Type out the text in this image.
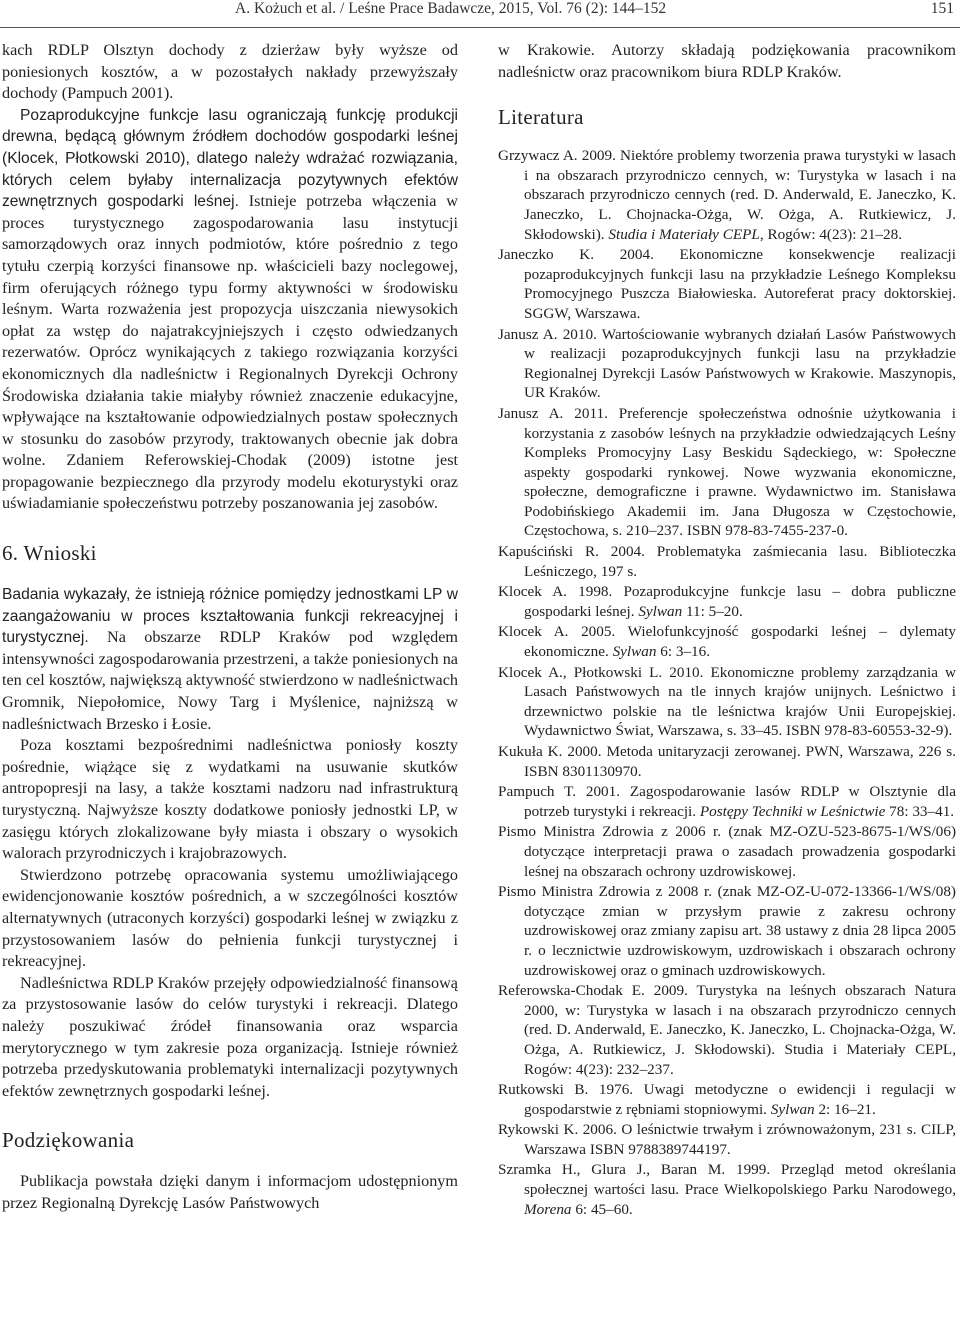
A. Kożuch et al. / Leśne Prace Badawcze, 2015, Vol. 76 (2): 144–152	151

kach RDLP Olsztyn dochody z dzierżaw były wyższe od poniesionych kosztów, a w pozostałych nakłady przewyższały dochody (Pampuch 2001).

Pozaprodukcyjne funkcje lasu ograniczają funkcję produkcji drewna, będącą głównym źródłem dochodów gospodarki leśnej (Klocek, Płotkowski 2010), dlatego należy wdrażać rozwiązania, których celem byłaby internalizacja pozytywnych efektów zewnętrznych gospodarki leśnej. Istnieje potrzeba włączenia w proces turystycznego zagospodarowania lasu instytucji samorządowych oraz innych podmiotów, które pośrednio z tego tytułu czerpią korzyści finansowe np. właścicieli bazy noclegowej, firm oferujących różnego typu formy aktywności w środowisku leśnym. Warta rozważenia jest propozycja uiszczania niewysokich opłat za wstęp do najatrakcyjniejszych i często odwiedzanych rezerwatów. Oprócz wynikających z takiego rozwiązania korzyści ekonomicznych dla nadleśnictw i Regionalnych Dyrekcji Ochrony Środowiska działania takie miałyby również znaczenie edukacyjne, wpływające na kształtowanie odpowiedzialnych postaw społecznych w stosunku do zasobów przyrody, traktowanych obecnie jak dobra wolne. Zdaniem Referowskiej-Chodak (2009) istotne jest propagowanie bezpiecznego dla przyrody modelu ekoturystyki oraz uświadamianie społeczeństwu potrzeby poszanowania jej zasobów.

6. Wnioski

Badania wykazały, że istnieją różnice pomiędzy jednostkami LP w zaangażowaniu w proces kształtowania funkcji rekreacyjnej i turystycznej. Na obszarze RDLP Kraków pod względem intensywności zagospodarowania przestrzeni, a także poniesionych na ten cel kosztów, największą aktywność stwierdzono w nadleśnictwach Gromnik, Niepołomice, Nowy Targ i Myślenice, najniższą w nadleśnictwach Brzesko i Łosie.

Poza kosztami bezpośrednimi nadleśnictwa poniosły koszty pośrednie, wiążące się z wydatkami na usuwanie skutków antropopresji na lasy, a także kosztami nadzoru nad infrastrukturą turystyczną. Najwyższe koszty dodatkowe poniosły jednostki LP, w zasięgu których zlokalizowane były miasta i obszary o wysokich walorach przyrodniczych i krajobrazowych.

Stwierdzono potrzebę opracowania systemu umożliwiającego ewidencjonowanie kosztów pośrednich, a w szczególności kosztów alternatywnych (utraconych korzyści) gospodarki leśnej w związku z przystosowaniem lasów do pełnienia funkcji turystycznej i rekreacyjnej.

Nadleśnictwa RDLP Kraków przejęły odpowiedzialność finansową za przystosowanie lasów do celów turystyki i rekreacji. Dlatego należy poszukiwać źródeł finansowania oraz wsparcia merytorycznego w tym zakresie poza organizacją. Istnieje również potrzeba przedyskutowania problematyki internalizacji pozytywnych efektów zewnętrznych gospodarki leśnej.

Podziękowania

Publikacja powstała dzięki danym i informacjom udostępnionym przez Regionalną Dyrekcję Lasów Państwowych

w Krakowie. Autorzy składają podziękowania pracownikom nadleśnictw oraz pracownikom biura RDLP Kraków.

Literatura

Grzywacz A. 2009. Niektóre problemy tworzenia prawa turystyki w lasach i na obszarach przyrodniczo cennych, w: Turystyka w lasach i na obszarach przyrodniczo cennych (red. D. Anderwald, E. Janeczko, K. Janeczko, L. Chojnacka-Ożga, W. Ożga, A. Rutkiewicz, J. Skłodowski). Studia i Materiały CEPL, Rogów: 4(23): 21–28.

Janeczko K. 2004. Ekonomiczne konsekwencje realizacji pozaprodukcyjnych funkcji lasu na przykładzie Leśnego Kompleksu Promocyjnego Puszcza Białowieska. Autoreferat pracy doktorskiej. SGGW, Warszawa.

Janusz A. 2010. Wartościowanie wybranych działań Lasów Państwowych w realizacji pozaprodukcyjnych funkcji lasu na przykładzie Regionalnej Dyrekcji Lasów Państwowych w Krakowie. Maszynopis, UR Kraków.

Janusz A. 2011. Preferencje społeczeństwa odnośnie użytkowania i korzystania z zasobów leśnych na przykładzie odwiedzających Leśny Kompleks Promocyjny Lasy Beskidu Sądeckiego, w: Społeczne aspekty gospodarki rynkowej. Nowe wyzwania ekonomiczne, społeczne, demograficzne i prawne. Wydawnictwo im. Stanisława Podobińskiego Akademii im. Jana Długosza w Częstochowie, Częstochowa, s. 210–237. ISBN 978-83-7455-237-0.

Kapuściński R. 2004. Problematyka zaśmiecania lasu. Biblioteczka Leśniczego, 197 s.

Klocek A. 1998. Pozaprodukcyjne funkcje lasu – dobra publiczne gospodarki leśnej. Sylwan 11: 5–20.

Klocek A. 2005. Wielofunkcyjność gospodarki leśnej – dylematy ekonomiczne. Sylwan 6: 3–16.

Klocek A., Płotkowski L. 2010. Ekonomiczne problemy zarządzania w Lasach Państwowych na tle innych krajów unijnych. Leśnictwo i drzewnictwo polskie na tle leśnictwa krajów Unii Europejskiej. Wydawnictwo Świat, Warszawa, s. 33–45. ISBN 978-83-60553-32-9).

Kukuła K. 2000. Metoda unitaryzacji zerowanej. PWN, Warszawa, 226 s. ISBN 8301130970.

Pampuch T. 2001. Zagospodarowanie lasów RDLP w Olsztynie dla potrzeb turystyki i rekreacji. Postępy Techniki w Leśnictwie 78: 33–41.

Pismo Ministra Zdrowia z 2006 r. (znak MZ-OZU-523-8675-1/WS/06) dotyczące interpretacji prawa o zasadach prowadzenia gospodarki leśnej na obszarach ochrony uzdrowiskowej.

Pismo Ministra Zdrowia z 2008 r. (znak MZ-OZ-U-072-13366-1/WS/08) dotyczące zmian w przysłym prawie z zakresu ochrony uzdrowiskowej oraz zmiany zapisu art. 38 ustawy z dnia 28 lipca 2005 r. o lecznictwie uzdrowiskowym, uzdrowiskach i obszarach ochrony uzdrowiskowej oraz o gminach uzdrowiskowych.

Referowska-Chodak E. 2009. Turystyka na leśnych obszarach Natura 2000, w: Turystyka w lasach i na obszarach przyrodniczo cennych (red. D. Anderwald, E. Janeczko, K. Janeczko, L. Chojnacka-Ożga, W. Ożga, A. Rutkiewicz, J. Skłodowski). Studia i Materiały CEPL, Rogów: 4(23): 232–237.

Rutkowski B. 1976. Uwagi metodyczne o ewidencji i regulacji w gospodarstwie z rębniami stopniowymi. Sylwan 2: 16–21.

Rykowski K. 2006. O leśnictwie trwałym i zrównoważonym, 231 s. CILP, Warszawa ISBN 9788389744197.

Szramka H., Glura J., Baran M. 1999. Przegląd metod określania społecznej wartości lasu. Prace Wielkopolskiego Parku Narodowego, Morena 6: 45–60.
